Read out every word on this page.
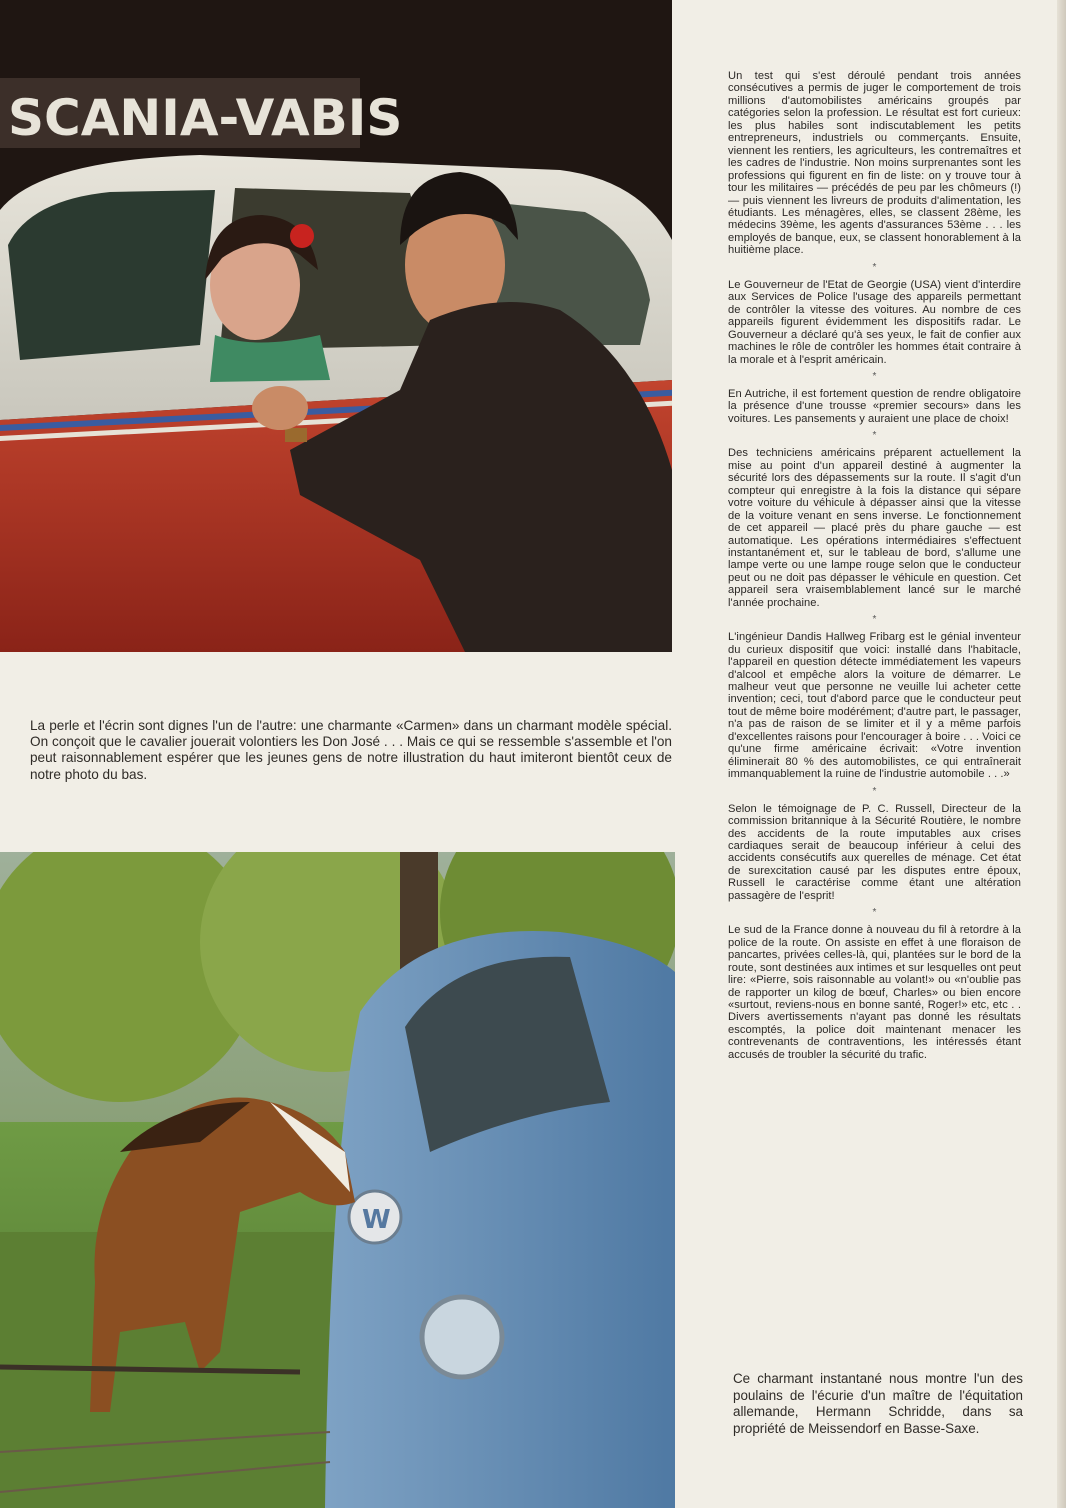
SCANIA-VABIS

La perle et l'écrin sont dignes l'un de l'autre: une charmante «Carmen» dans un charmant modèle spécial. On conçoit que le cavalier jouerait volontiers les Don José . . . Mais ce qui se ressemble s'assemble et l'on peut raisonnablement espérer que les jeunes gens de notre illustration du haut imiteront bientôt ceux de notre photo du bas.

W

Un test qui s'est déroulé pendant trois années consécutives a permis de juger le comportement de trois millions d'automobilistes américains groupés par catégories selon la profession. Le résultat est fort curieux: les plus habiles sont indiscutablement les petits entrepreneurs, industriels ou commerçants. Ensuite, viennent les rentiers, les agriculteurs, les contremaîtres et les cadres de l'industrie. Non moins surprenantes sont les professions qui figurent en fin de liste: on y trouve tour à tour les militaires — précédés de peu par les chômeurs (!) — puis viennent les livreurs de produits d'alimentation, les étudiants. Les ménagères, elles, se classent 28ème, les médecins 39ème, les agents d'assurances 53ème . . . les employés de banque, eux, se classent honorablement à la huitième place.

*

Le Gouverneur de l'Etat de Georgie (USA) vient d'interdire aux Services de Police l'usage des appareils permettant de contrôler la vitesse des voitures. Au nombre de ces appareils figurent évidemment les dispositifs radar. Le Gouverneur a déclaré qu'à ses yeux, le fait de confier aux machines le rôle de contrôler les hommes était contraire à la morale et à l'esprit américain.

*

En Autriche, il est fortement question de rendre obligatoire la présence d'une trousse «premier secours» dans les voitures. Les pansements y auraient une place de choix!

*

Des techniciens américains préparent actuellement la mise au point d'un appareil destiné à augmenter la sécurité lors des dépassements sur la route. Il s'agit d'un compteur qui enregistre à la fois la distance qui sépare votre voiture du véhicule à dépasser ainsi que la vitesse de la voiture venant en sens inverse. Le fonctionnement de cet appareil — placé près du phare gauche — est automatique. Les opérations intermédiaires s'effectuent instantanément et, sur le tableau de bord, s'allume une lampe verte ou une lampe rouge selon que le conducteur peut ou ne doit pas dépasser le véhicule en question. Cet appareil sera vraisemblablement lancé sur le marché l'année prochaine.

*

L'ingénieur Dandis Hallweg Fribarg est le génial inventeur du curieux dispositif que voici: installé dans l'habitacle, l'appareil en question détecte immédiatement les vapeurs d'alcool et empêche alors la voiture de démarrer. Le malheur veut que personne ne veuille lui acheter cette invention; ceci, tout d'abord parce que le conducteur peut tout de même boire modérément; d'autre part, le passager, n'a pas de raison de se limiter et il y a même parfois d'excellentes raisons pour l'encourager à boire . . . Voici ce qu'une firme américaine écrivait: «Votre invention éliminerait 80 % des automobilistes, ce qui entraînerait immanquablement la ruine de l'industrie automobile . . .»

*

Selon le témoignage de P. C. Russell, Directeur de la commission britannique à la Sécurité Routière, le nombre des accidents de la route imputables aux crises cardiaques serait de beaucoup inférieur à celui des accidents consécutifs aux querelles de ménage. Cet état de surexcitation causé par les disputes entre époux, Russell le caractérise comme étant une altération passagère de l'esprit!

*

Le sud de la France donne à nouveau du fil à retordre à la police de la route. On assiste en effet à une floraison de pancartes, privées celles-là, qui, plantées sur le bord de la route, sont destinées aux intimes et sur lesquelles ont peut lire: «Pierre, sois raisonnable au volant!» ou «n'oublie pas de rapporter un kilog de bœuf, Charles» ou bien encore «surtout, reviens-nous en bonne santé, Roger!» etc, etc . . Divers avertissements n'ayant pas donné les résultats escomptés, la police doit maintenant menacer les contrevenants de contraventions, les intéressés étant accusés de troubler la sécurité du trafic.

Ce charmant instantané nous montre l'un des poulains de l'écurie d'un maître de l'équitation allemande, Hermann Schridde, dans sa propriété de Meissendorf en Basse-Saxe.
